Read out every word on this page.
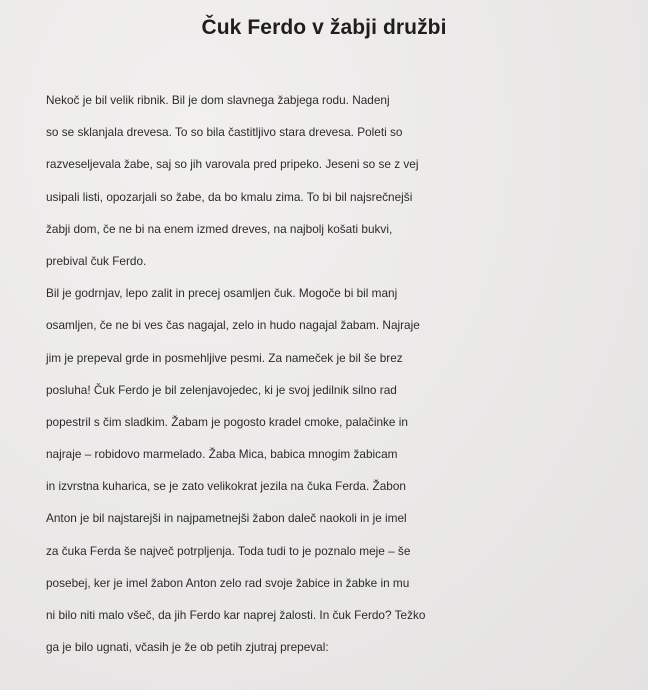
Čuk Ferdo v žabji družbi
Nekoč je bil velik ribnik. Bil je dom slavnega žabjega rodu. Nadenj
so se sklanjala drevesa. To so bila častitljivo stara drevesa. Poleti so
razveseljevala žabe, saj so jih varovala pred pripeko. Jeseni so se z vej
usipali listi, opozarjali so žabe, da bo kmalu zima. To bi bil najsrečnejši
žabji dom, če ne bi na enem izmed dreves, na najbolj košati bukvi,
prebival čuk Ferdo.
Bil je godrnjav, lepo zalit in precej osamljen čuk. Mogoče bi bil manj
osamljen, če ne bi ves čas nagajal, zelo in hudo nagajal žabam. Najraje
jim je prepeval grde in posmehljive pesmi. Za nameček je bil še brez
posluha! Čuk Ferdo je bil zelenjavojedec, ki je svoj jedilnik silno rad
popestril s čim sladkim. Žabam je pogosto kradel cmoke, palačinke in
najraje – robidovo marmelado. Žaba Mica, babica mnogim žabicam
in izvrstna kuharica, se je zato velikokrat jezila na čuka Ferda. Žabon
Anton je bil najstarejši in najpametnejši žabon daleč naokoli in je imel
za čuka Ferda še največ potrpljenja. Toda tudi to je poznalo meje – še
posebej, ker je imel žabon Anton zelo rad svoje žabice in žabke in mu
ni bilo niti malo všeč, da jih Ferdo kar naprej žalosti. In čuk Ferdo? Težko
ga je bilo ugnati, včasih je že ob petih zjutraj prepeval:
